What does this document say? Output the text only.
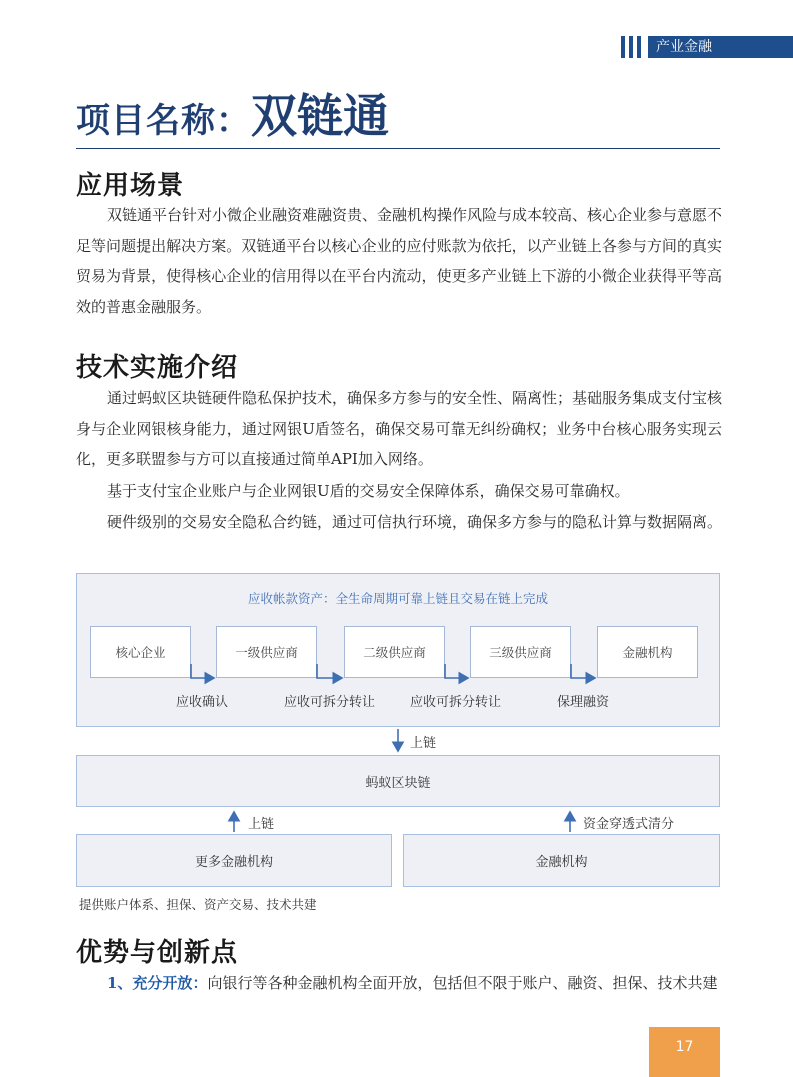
产业金融
项目名称：双链通
应用场景

双链通平台针对小微企业融资难融资贵、金融机构操作风险与成本较高、核心企业参与意愿不足等问题提出解决方案。双链通平台以核心企业的应付账款为依托，以产业链上各参与方间的真实贸易为背景，使得核心企业的信用得以在平台内流动，使更多产业链上下游的小微企业获得平等高效的普惠金融服务。

技术实施介绍

通过蚂蚁区块链硬件隐私保护技术，确保多方参与的安全性、隔离性；基础服务集成支付宝核身与企业网银核身能力，通过网银U盾签名，确保交易可靠无纠纷确权；业务中台核心服务实现云化，更多联盟参与方可以直接通过简单API加入网络。

基于支付宝企业账户与企业网银U盾的交易安全保障体系，确保交易可靠确权。

硬件级别的交易安全隐私合约链，通过可信执行环境，确保多方参与的隐私计算与数据隔离。

应收帐款资产：全生命周期可靠上链且交易在链上完成
核心企业	一级供应商	二级供应商	三级供应商	金融机构
应收确认	应收可拆分转让	应收可拆分转让	保理融资
上链
蚂蚁区块链
上链	资金穿透式清分
更多金融机构	金融机构
提供账户体系、担保、资产交易、技术共建
优势与创新点

1、充分开放：向银行等各种金融机构全面开放，包括但不限于账户、融资、担保、技术共建

17
